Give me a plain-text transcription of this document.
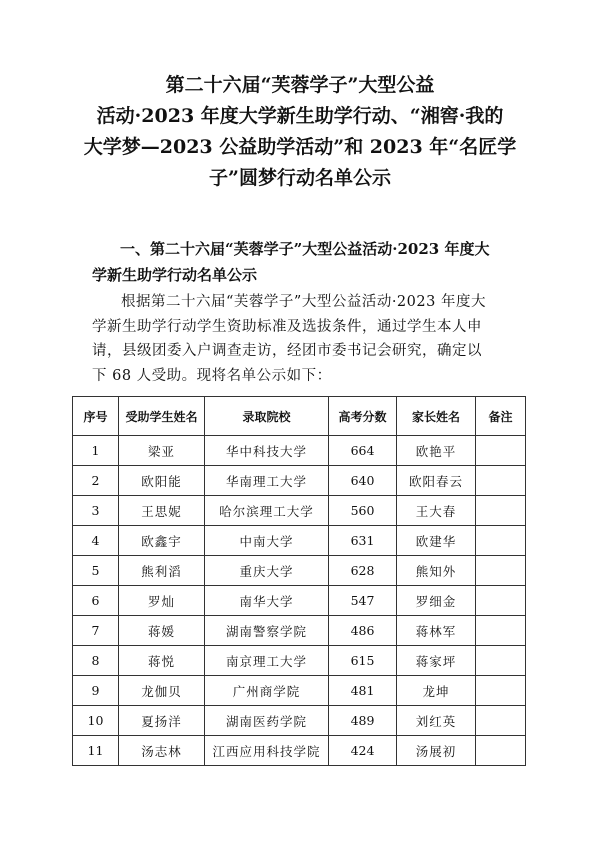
第二十六届“芙蓉学子”大型公益
活动·2023 年度大学新生助学行动、“湘窖·我的
大学梦—2023 公益助学活动”和 2023 年“名匠学
子”圆梦行动名单公示
一、第二十六届“芙蓉学子”大型公益活动·2023 年度大
学新生助学行动名单公示
根据第二十六届“芙蓉学子”大型公益活动·2023 年度大
学新生助学行动学生资助标准及选拔条件，通过学生本人申
请，县级团委入户调查走访，经团市委书记会研究，确定以
下 68 人受助。现将名单公示如下：
序号	受助学生姓名	录取院校	高考分数	家长姓名	备注
1	梁亚	华中科技大学	664	欧艳平	
2	欧阳能	华南理工大学	640	欧阳春云	
3	王思妮	哈尔滨理工大学	560	王大春	
4	欧鑫宇	中南大学	631	欧建华	
5	熊利滔	重庆大学	628	熊知外	
6	罗灿	南华大学	547	罗细金	
7	蒋媛	湖南警察学院	486	蒋林军	
8	蒋悦	南京理工大学	615	蒋家坪	
9	龙伽贝	广州商学院	481	龙坤	
10	夏扬洋	湖南医药学院	489	刘红英	
11	汤志林	江西应用科技学院	424	汤展初	
